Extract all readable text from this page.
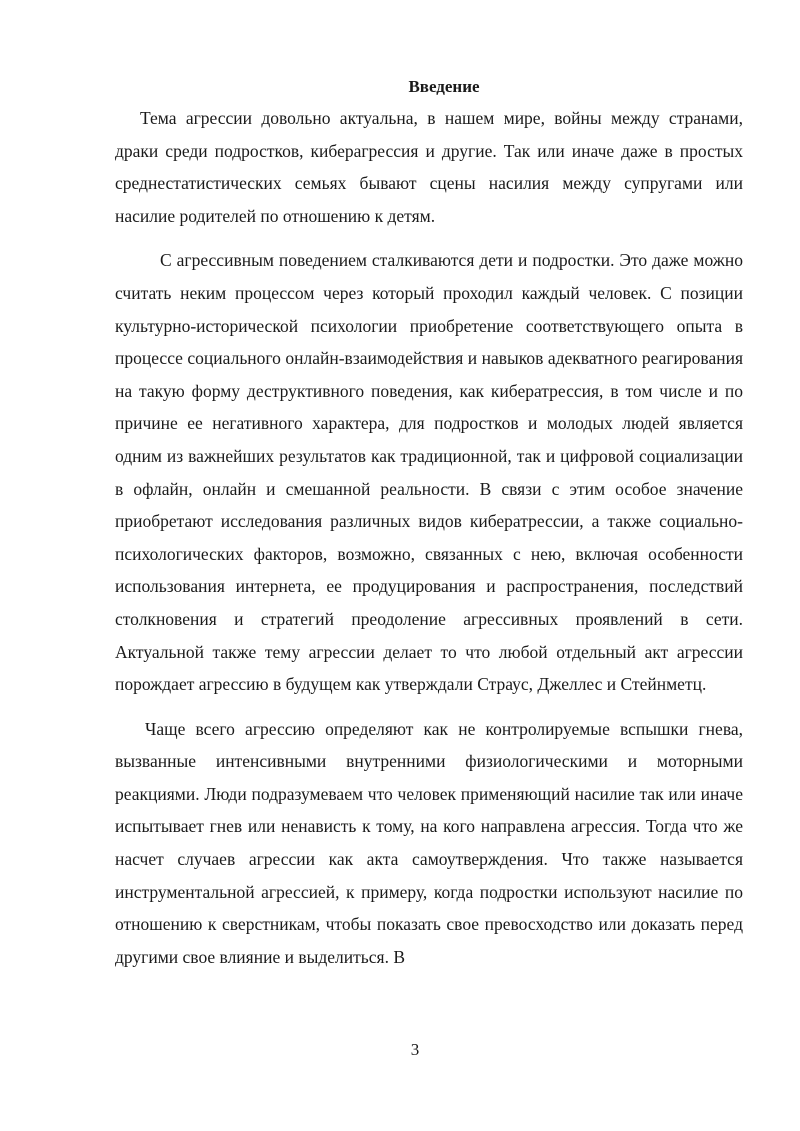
Введение

Тема агрессии довольно актуальна, в нашем мире, войны между странами, драки среди подростков, киберагрессия и другие. Так или иначе даже в простых среднестатистических семьях бывают сцены насилия между супругами или насилие родителей по отношению к детям.

С агрессивным поведением сталкиваются дети и подростки. Это даже можно считать неким процессом через который проходил каждый человек. С позиции культурно-исторической психологии приобретение соответствующего опыта в процессе социального онлайн-взаимодействия и навыков адекватного реагирования на такую форму деструктивного поведения, как кибератрессия, в том числе и по причине ее негативного характера, для подростков и молодых людей является одним из важнейших результатов как традиционной, так и цифровой социализации в офлайн, онлайн и смешанной реальности. В связи с этим особое значение приобретают исследования различных видов кибератрессии, а также социально-психологических факторов, возможно, связанных с нею, включая особенности использования интернета, ее продуцирования и распространения, последствий столкновения и стратегий преодоление агрессивных проявлений в сети. Актуальной также тему агрессии делает то что любой отдельный акт агрессии порождает агрессию в будущем как утверждали Страус, Джеллес и Стейнметц.

Чаще всего агрессию определяют как не контролируемые вспышки гнева, вызванные интенсивными внутренними физиологическими и моторными реакциями. Люди подразумеваем что человек применяющий насилие так или иначе испытывает гнев или ненависть к тому, на кого направлена агрессия. Тогда что же насчет случаев агрессии как акта самоутверждения. Что также называется инструментальной агрессией, к примеру, когда подростки используют насилие по отношению к сверстникам, чтобы показать свое превосходство или доказать перед другими свое влияние и выделиться. В

3
